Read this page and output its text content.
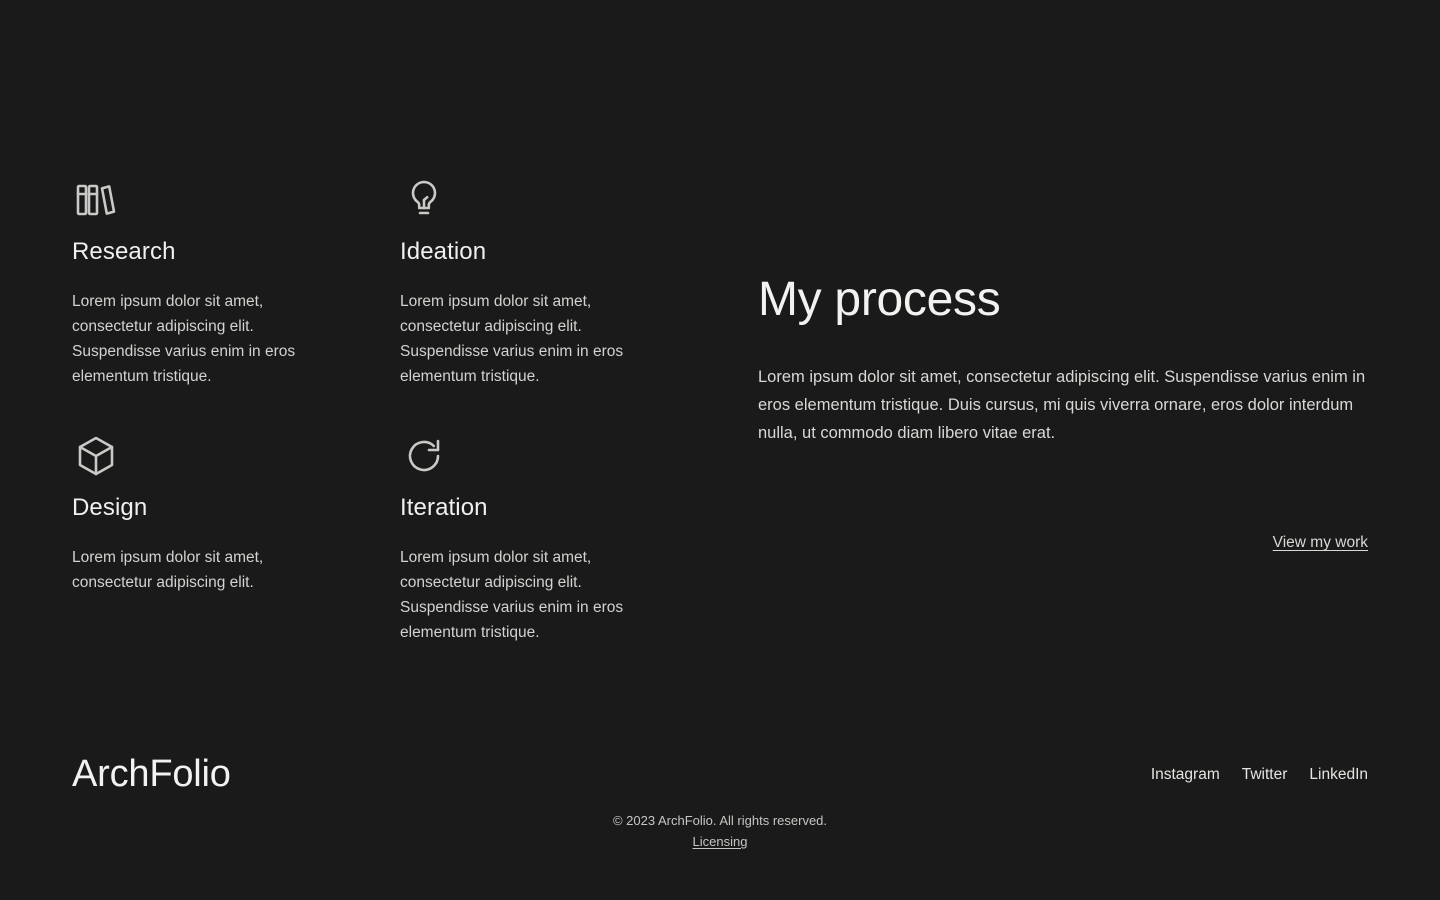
Research

Lorem ipsum dolor sit amet, consectetur adipiscing elit. Suspendisse varius enim in eros elementum tristique.

Ideation

Lorem ipsum dolor sit amet, consectetur adipiscing elit. Suspendisse varius enim in eros elementum tristique.

Design

Lorem ipsum dolor sit amet, consectetur adipiscing elit.

Iteration

Lorem ipsum dolor sit amet, consectetur adipiscing elit. Suspendisse varius enim in eros elementum tristique.

My process

Lorem ipsum dolor sit amet, consectetur adipiscing elit. Suspendisse varius enim in eros elementum tristique. Duis cursus, mi quis viverra ornare, eros dolor interdum nulla, ut commodo diam libero vitae erat.

View my work
ArchFolio	Instagram Twitter LinkedIn
© 2023 ArchFolio. All rights reserved.
Licensing
